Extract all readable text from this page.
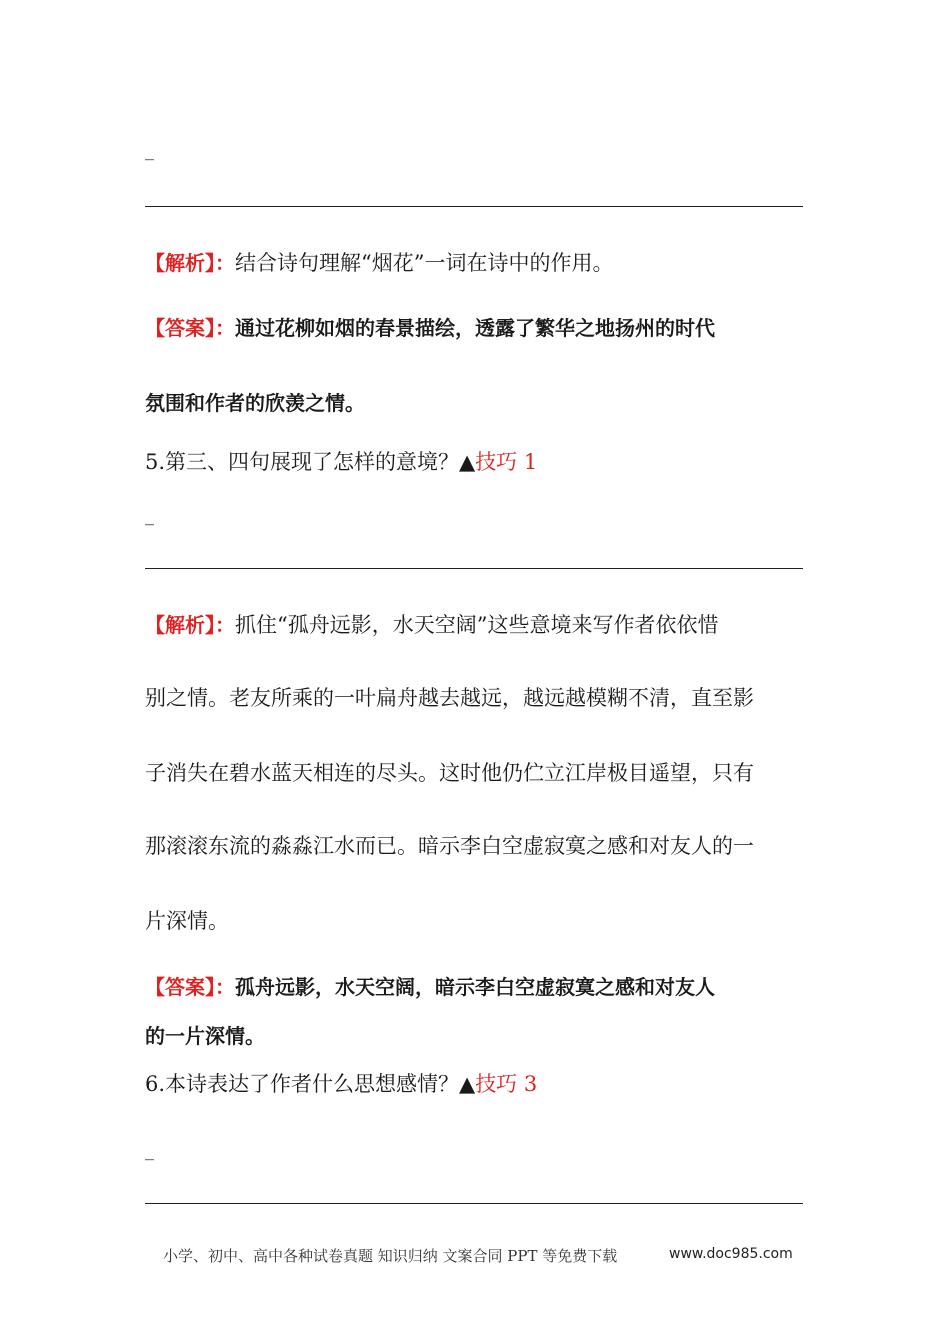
_
【解析】：结合诗句理解“烟花”一词在诗中的作用。
【答案】：通过花柳如烟的春景描绘，透露了繁华之地扬州的时代
氛围和作者的欣羡之情。
5.第三、四句展现了怎样的意境？▲技巧 1
_
【解析】：抓住“孤舟远影，水天空阔”这些意境来写作者依依惜
别之情。老友所乘的一叶扁舟越去越远，越远越模糊不清，直至影
子消失在碧水蓝天相连的尽头。这时他仍伫立江岸极目遥望，只有
那滚滚东流的淼淼江水而已。暗示李白空虚寂寞之感和对友人的一
片深情。
【答案】：孤舟远影，水天空阔，暗示李白空虚寂寞之感和对友人
的一片深情。
6.本诗表达了作者什么思想感情？▲技巧 3
_
小学、初中、高中各种试卷真题 知识归纳 文案合同 PPT 等免费下载	www.doc985.com
